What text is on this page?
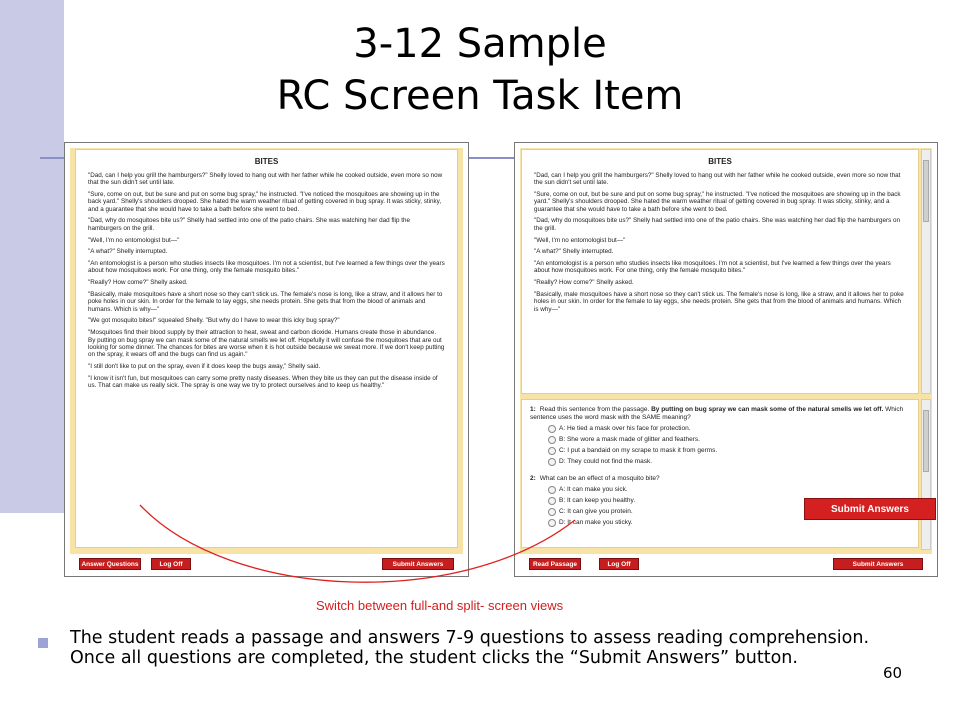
3-12 Sample
RC Screen Task Item
BITES
"Dad, can I help you grill the hamburgers?" Shelly loved to hang out with her father while he cooked outside, even more so now that the sun didn't set until late.
"Sure, come on out, but be sure and put on some bug spray," he instructed. "I've noticed the mosquitoes are showing up in the back yard." Shelly's shoulders drooped. She hated the warm weather ritual of getting covered in bug spray. It was sticky, stinky, and a guarantee that she would have to take a bath before she went to bed.
"Dad, why do mosquitoes bite us?" Shelly had settled into one of the patio chairs. She was watching her dad flip the hamburgers on the grill.
"Well, I'm no entomologist but—"
"A what?" Shelly interrupted.
"An entomologist is a person who studies insects like mosquitoes. I'm not a scientist, but I've learned a few things over the years about how mosquitoes work. For one thing, only the female mosquito bites."
"Really? How come?" Shelly asked.
"Basically, male mosquitoes have a short nose so they can't stick us. The female's nose is long, like a straw, and it allows her to poke holes in our skin. In order for the female to lay eggs, she needs protein. She gets that from the blood of animals and humans. Which is why—"
"We got mosquito bites!" squealed Shelly. "But why do I have to wear this icky bug spray?"
"Mosquitoes find their blood supply by their attraction to heat, sweat and carbon dioxide. Humans create those in abundance. By putting on bug spray we can mask some of the natural smells we let off. Hopefully it will confuse the mosquitoes that are out looking for some dinner. The chances for bites are worse when it is hot outside because we sweat more. If we don't keep putting on the spray, it wears off and the bugs can find us again."
"I still don't like to put on the spray, even if it does keep the bugs away," Shelly said.
"I know it isn't fun, but mosquitoes can carry some pretty nasty diseases. When they bite us they can put the disease inside of us. That can make us really sick. The spray is one way we try to protect ourselves and to keep us healthy."
Answer Questions	Log Off	Submit Answers
BITES
"Dad, can I help you grill the hamburgers?" Shelly loved to hang out with her father while he cooked outside, even more so now that the sun didn't set until late.
"Sure, come on out, but be sure and put on some bug spray," he instructed. "I've noticed the mosquitoes are showing up in the back yard." Shelly's shoulders drooped. She hated the warm weather ritual of getting covered in bug spray. It was sticky, stinky, and a guarantee that she would have to take a bath before she went to bed.
"Dad, why do mosquitoes bite us?" Shelly had settled into one of the patio chairs. She was watching her dad flip the hamburgers on the grill.
"Well, I'm no entomologist but—"
"A what?" Shelly interrupted.
"An entomologist is a person who studies insects like mosquitoes. I'm not a scientist, but I've learned a few things over the years about how mosquitoes work. For one thing, only the female mosquito bites."
"Really? How come?" Shelly asked.
"Basically, male mosquitoes have a short nose so they can't stick us. The female's nose is long, like a straw, and it allows her to poke holes in our skin. In order for the female to lay eggs, she needs protein. She gets that from the blood of animals and humans. Which is why—"
1: Read this sentence from the passage. By putting on bug spray we can mask some of the natural smells we let off. Which sentence uses the word mask with the SAME meaning?
A: He tied a mask over his face for protection.
B: She wore a mask made of glitter and feathers.
C: I put a bandaid on my scrape to mask it from germs.
D: They could not find the mask.
2: What can be an effect of a mosquito bite?
A: It can make you sick.
B: It can keep you healthy.
C: It can give you protein.
D: It can make you sticky.
Read Passage	Log Off	Submit Answers
Submit Answers
Switch between full-and split- screen views
The student reads a passage and answers 7-9 questions to assess reading comprehension. Once all questions are completed, the student clicks the “Submit Answers” button.
60
